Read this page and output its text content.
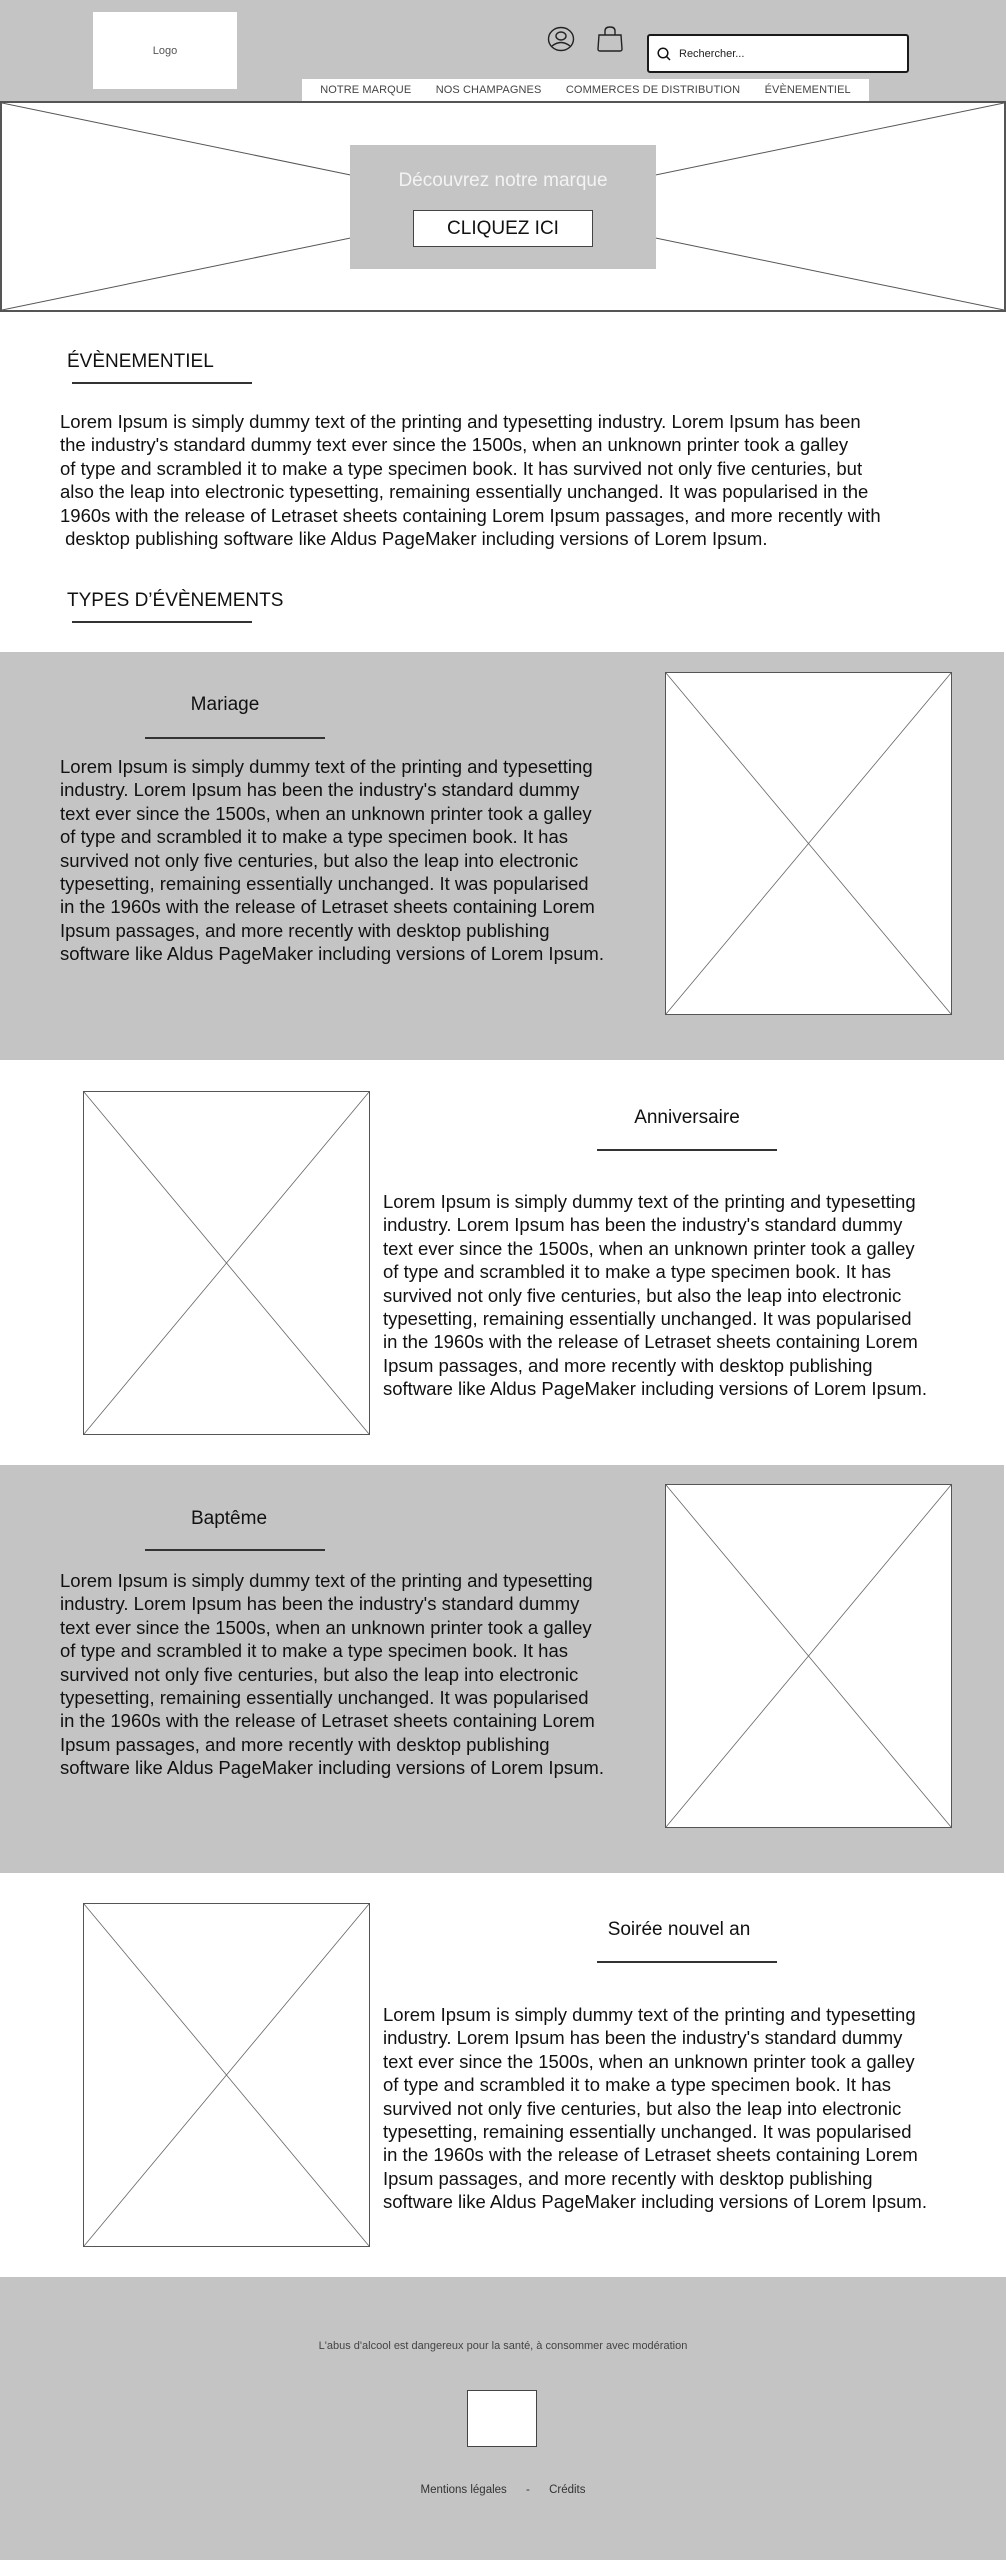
Logo
Rechercher...
NOTRE MARQUE NOS CHAMPAGNES COMMERCES DE DISTRIBUTION ÉVÈNEMENTIEL
Découvrez notre marque
CLIQUEZ ICI
ÉVÈNEMENTIEL
Lorem Ipsum is simply dummy text of the printing and typesetting industry. Lorem Ipsum has been
the industry's standard dummy text ever since the 1500s, when an unknown printer took a galley
of type and scrambled it to make a type specimen book. It has survived not only five centuries, but
also the leap into electronic typesetting, remaining essentially unchanged. It was popularised in the
1960s with the release of Letraset sheets containing Lorem Ipsum passages, and more recently with
desktop publishing software like Aldus PageMaker including versions of Lorem Ipsum.
TYPES D’ÉVÈNEMENTS
Mariage
Lorem Ipsum is simply dummy text of the printing and typesetting
industry. Lorem Ipsum has been the industry's standard dummy
text ever since the 1500s, when an unknown printer took a galley
of type and scrambled it to make a type specimen book. It has
survived not only five centuries, but also the leap into electronic
typesetting, remaining essentially unchanged. It was popularised
in the 1960s with the release of Letraset sheets containing Lorem
Ipsum passages, and more recently with desktop publishing
software like Aldus PageMaker including versions of Lorem Ipsum.
Anniversaire
Lorem Ipsum is simply dummy text of the printing and typesetting
industry. Lorem Ipsum has been the industry's standard dummy
text ever since the 1500s, when an unknown printer took a galley
of type and scrambled it to make a type specimen book. It has
survived not only five centuries, but also the leap into electronic
typesetting, remaining essentially unchanged. It was popularised
in the 1960s with the release of Letraset sheets containing Lorem
Ipsum passages, and more recently with desktop publishing
software like Aldus PageMaker including versions of Lorem Ipsum.
Baptême
Lorem Ipsum is simply dummy text of the printing and typesetting
industry. Lorem Ipsum has been the industry's standard dummy
text ever since the 1500s, when an unknown printer took a galley
of type and scrambled it to make a type specimen book. It has
survived not only five centuries, but also the leap into electronic
typesetting, remaining essentially unchanged. It was popularised
in the 1960s with the release of Letraset sheets containing Lorem
Ipsum passages, and more recently with desktop publishing
software like Aldus PageMaker including versions of Lorem Ipsum.
Soirée nouvel an
Lorem Ipsum is simply dummy text of the printing and typesetting
industry. Lorem Ipsum has been the industry's standard dummy
text ever since the 1500s, when an unknown printer took a galley
of type and scrambled it to make a type specimen book. It has
survived not only five centuries, but also the leap into electronic
typesetting, remaining essentially unchanged. It was popularised
in the 1960s with the release of Letraset sheets containing Lorem
Ipsum passages, and more recently with desktop publishing
software like Aldus PageMaker including versions of Lorem Ipsum.
L'abus d'alcool est dangereux pour la santé, à consommer avec modération
Mentions légales - Crédits
